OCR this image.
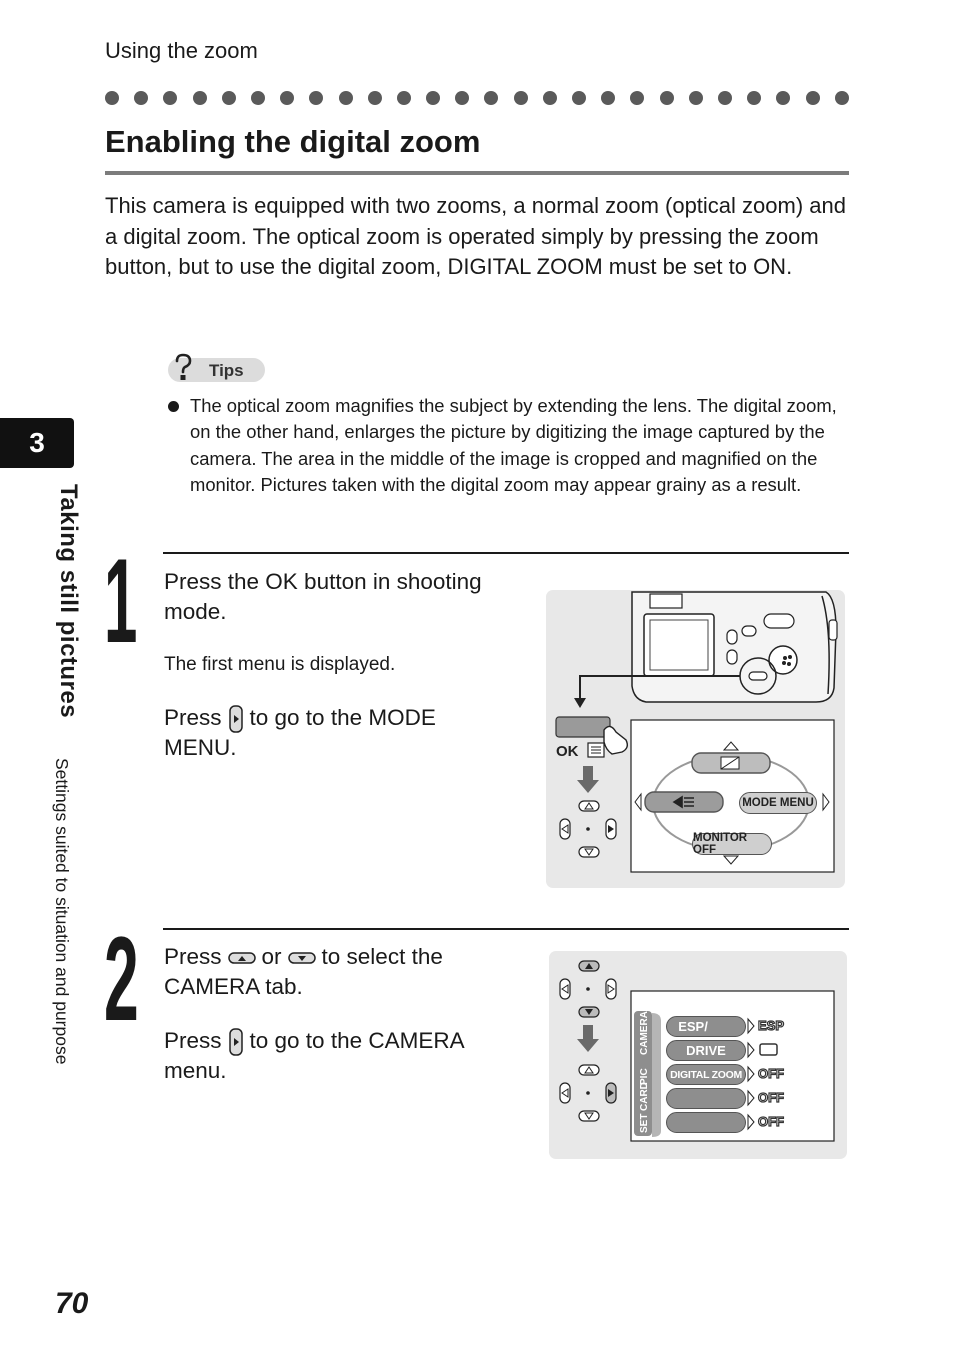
Using the zoom
Enabling the digital zoom
This camera is equipped with two zooms, a normal zoom (optical zoom) and a digital zoom. The optical zoom is operated simply by pressing the zoom button, but to use the digital zoom, DIGITAL ZOOM must be set to ON.
Tips
The optical zoom magnifies the subject by extending the lens. The digital zoom, on the other hand, enlarges the picture by digitizing the image captured by the camera. The area in the middle of the image is cropped and magnified on the monitor. Pictures taken with the digital zoom may appear grainy as a result.
3
Taking still pictures
Settings suited to situation and purpose
1 Press the OK button in shooting mode.
The first menu is displayed.
Press to go to the MODE MENU.	OK
MODE MENU
MONITOR OFF
2 Press or to select the CAMERA tab.
Press to go to the CAMERA menu.
CAMERA
PIC
CARD
SET
ESP/
DRIVE
DIGITAL ZOOM
ESP
OFF
OFF
OFF
70
